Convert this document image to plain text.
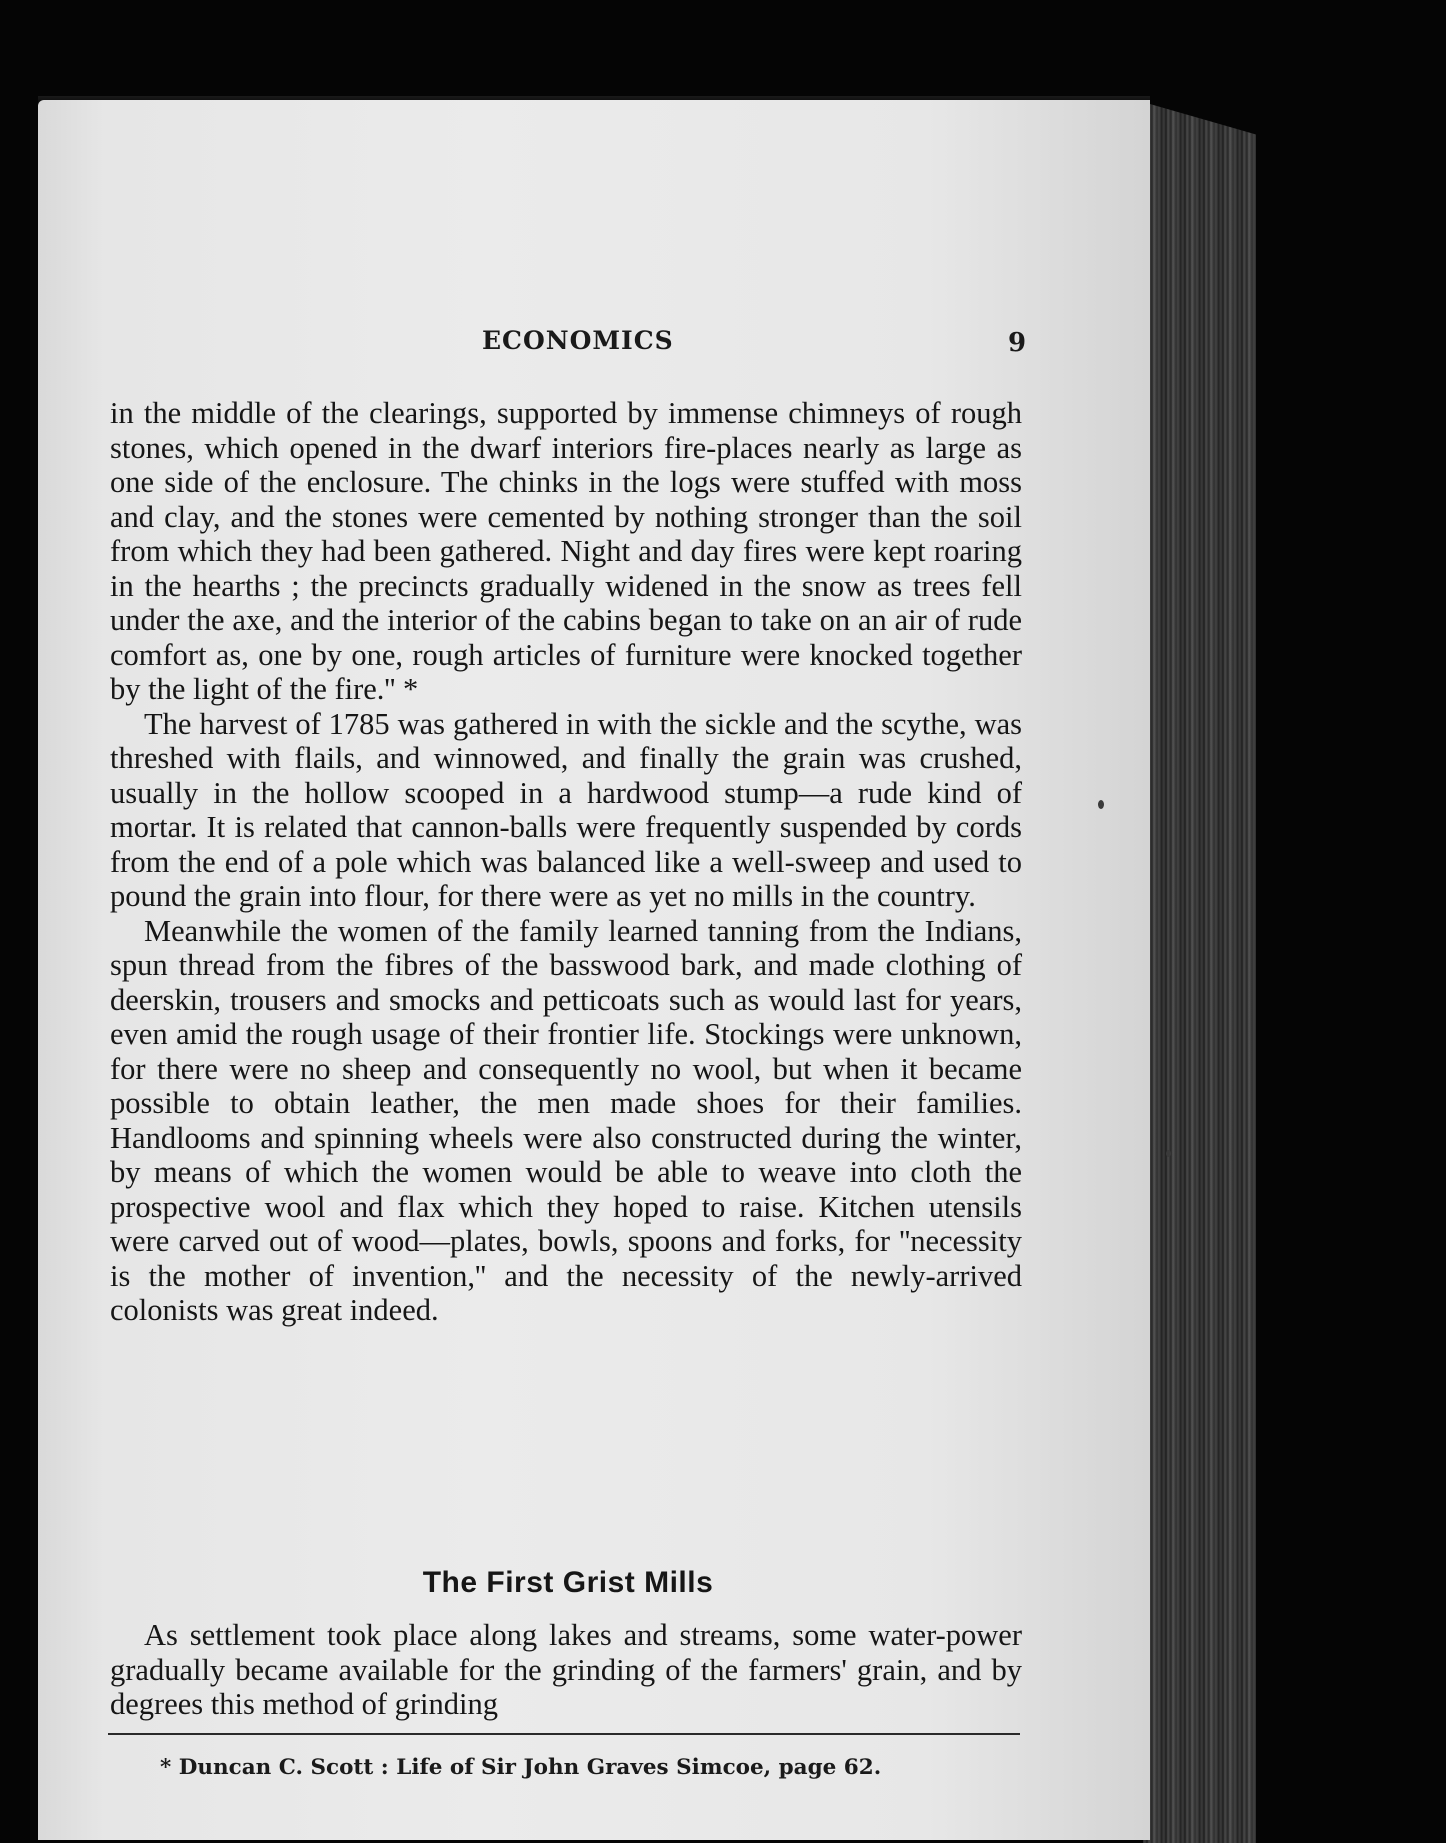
ECONOMICS	9

in the middle of the clearings, supported by immense chimneys of rough stones, which opened in the dwarf interiors fire-places nearly as large as one side of the enclosure. The chinks in the logs were stuffed with moss and clay, and the stones were cemented by nothing stronger than the soil from which they had been gathered. Night and day fires were kept roaring in the hearths ; the precincts gradually widened in the snow as trees fell under the axe, and the interior of the cabins began to take on an air of rude comfort as, one by one, rough articles of furniture were knocked together by the light of the fire.'' *

The harvest of 1785 was gathered in with the sickle and the scythe, was threshed with flails, and winnowed, and finally the grain was crushed, usually in the hollow scooped in a hardwood stump—a rude kind of mortar. It is related that cannon-balls were frequently suspended by cords from the end of a pole which was balanced like a well-sweep and used to pound the grain into flour, for there were as yet no mills in the country.

Meanwhile the women of the family learned tanning from the Indians, spun thread from the fibres of the basswood bark, and made clothing of deerskin, trousers and smocks and petticoats such as would last for years, even amid the rough usage of their frontier life. Stockings were unknown, for there were no sheep and consequently no wool, but when it became possible to obtain leather, the men made shoes for their families. Handlooms and spinning wheels were also constructed during the winter, by means of which the women would be able to weave into cloth the prospective wool and flax which they hoped to raise. Kitchen utensils were carved out of wood—plates, bowls, spoons and forks, for ''necessity is the mother of invention,'' and the necessity of the newly-arrived colonists was great indeed.

The First Grist Mills

As settlement took place along lakes and streams, some water-power gradually became available for the grinding of the farmers' grain, and by degrees this method of grinding

* Duncan C. Scott : Life of Sir John Graves Simcoe, page 62.
